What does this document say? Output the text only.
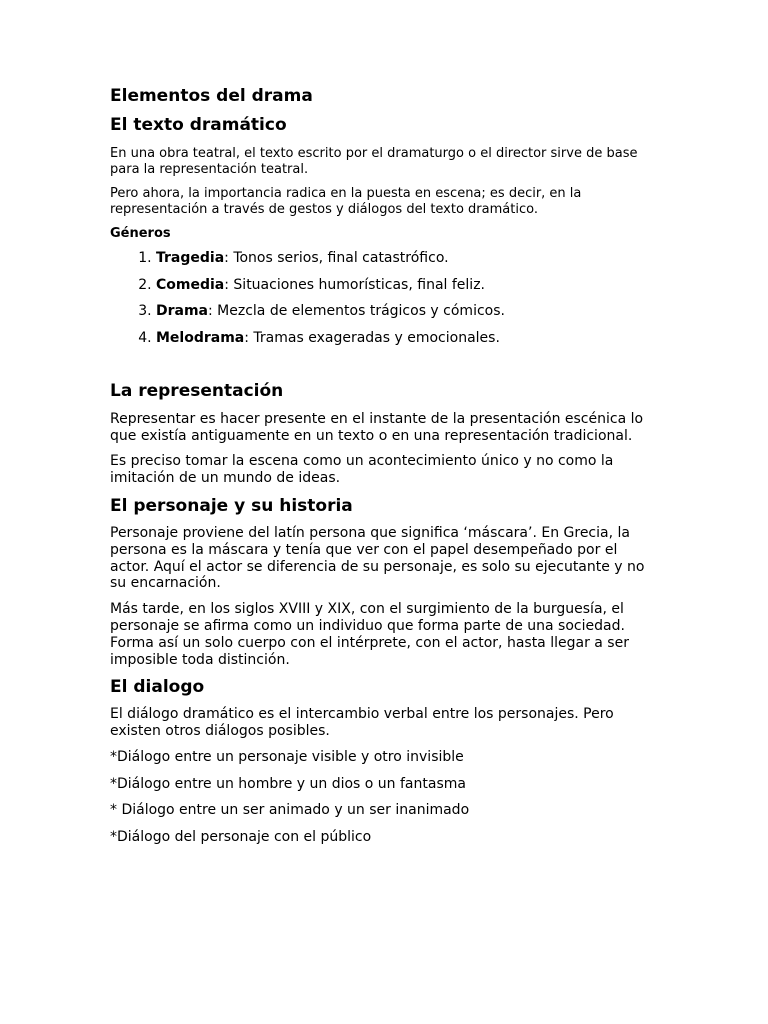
Elementos del drama
El texto dramático

En una obra teatral, el texto escrito por el dramaturgo o el director sirve de base para la representación teatral.

Pero ahora, la importancia radica en la puesta en escena; es decir, en la representación a través de gestos y diálogos del texto dramático.

Géneros

1. Tragedia: Tonos serios, final catastrófico.
2. Comedia: Situaciones humorísticas, final feliz.
3. Drama: Mezcla de elementos trágicos y cómicos.
4. Melodrama: Tramas exageradas y emocionales.
La representación

Representar es hacer presente en el instante de la presentación escénica lo que existía antiguamente en un texto o en una representación tradicional.

Es preciso tomar la escena como un acontecimiento único y no como la imitación de un mundo de ideas.

El personaje y su historia

Personaje proviene del latín persona que significa ‘máscara’. En Grecia, la persona es la máscara y tenía que ver con el papel desempeñado por el actor. Aquí el actor se diferencia de su personaje, es solo su ejecutante y no su encarnación.

Más tarde, en los siglos XVIII y XIX, con el surgimiento de la burguesía, el personaje se afirma como un individuo que forma parte de una sociedad. Forma así un solo cuerpo con el intérprete, con el actor, hasta llegar a ser imposible toda distinción.

El dialogo

El diálogo dramático es el intercambio verbal entre los personajes. Pero existen otros diálogos posibles.

*Diálogo entre un personaje visible y otro invisible

*Diálogo entre un hombre y un dios o un fantasma

* Diálogo entre un ser animado y un ser inanimado

*Diálogo del personaje con el público
